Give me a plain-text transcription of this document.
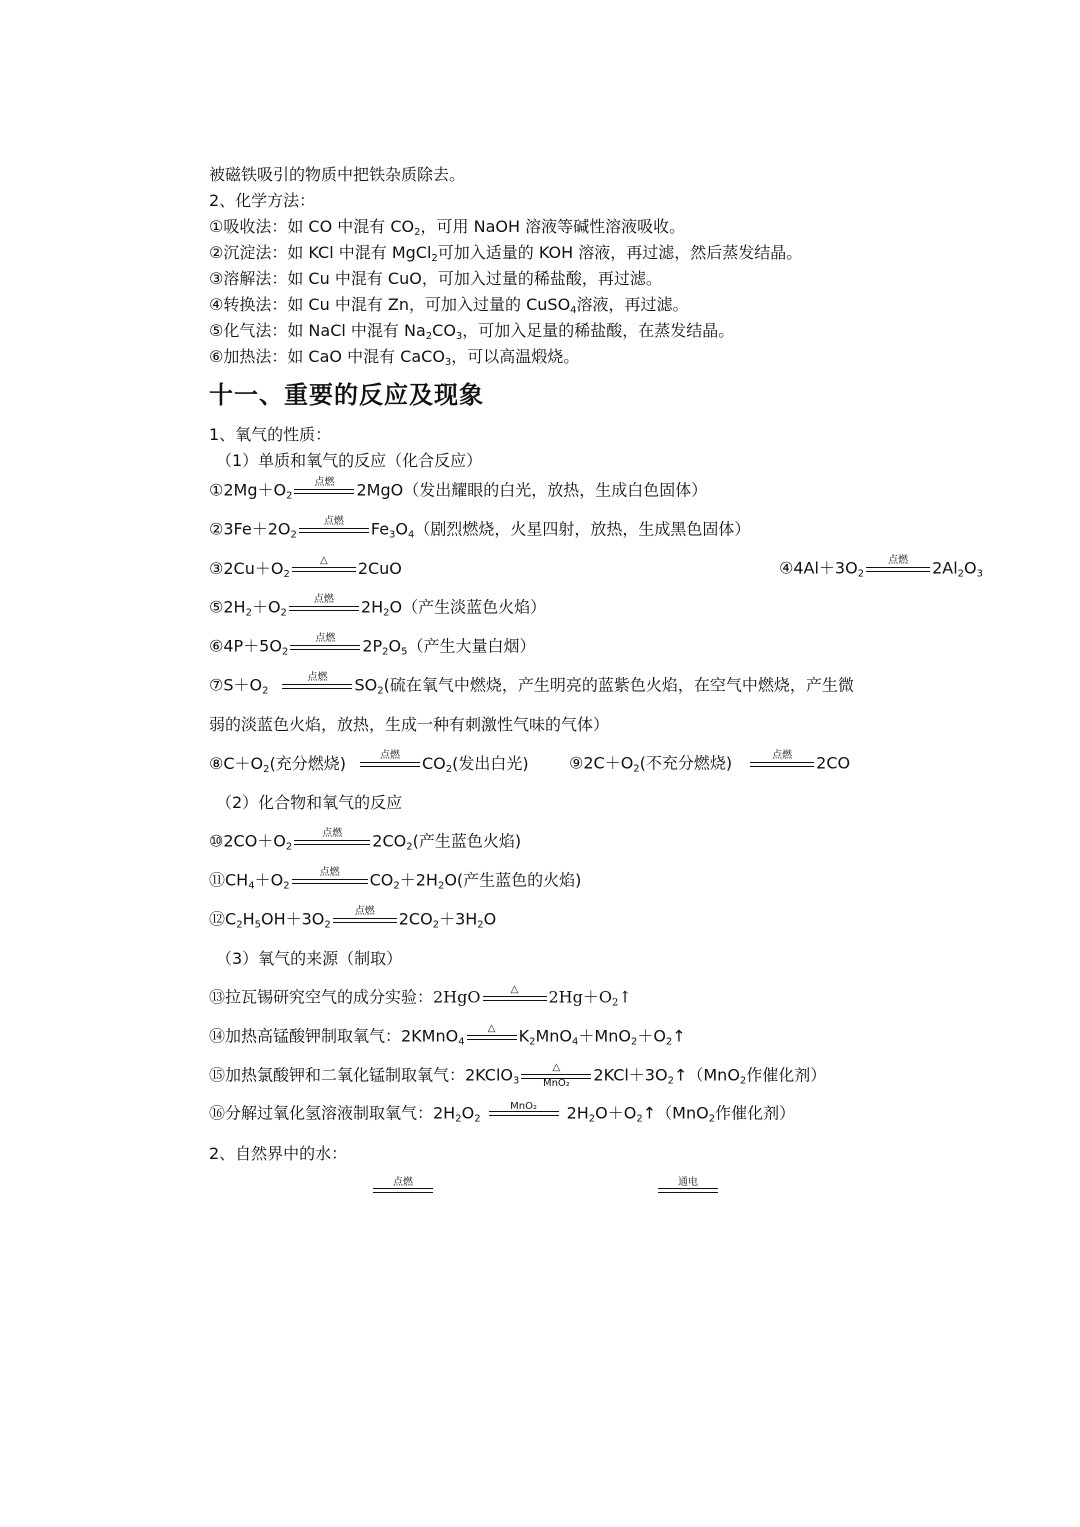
被磁铁吸引的物质中把铁杂质除去。
2、化学方法：
①吸收法：如 CO 中混有 $CO_2$，可用 NaOH 溶液等碱性溶液吸收。
②沉淀法：如 KCl 中混有 MgCl$_2$可加入适量的 KOH 溶液，再过滤，然后蒸发结晶。
③溶解法：如 Cu 中混有 CuO，可加入过量的稀盐酸，再过滤。
④转换法：如 Cu 中混有 Zn，可加入过量的 CuSO$_4$溶液，再过滤。
⑤化气法：如 NaCl 中混有 $Na_2CO_3$，可加入足量的稀盐酸，在蒸发结晶。
⑥加热法：如 CaO 中混有 CaCO$_3$，可以高温煅烧。
十一、重要的反应及现象
1、氧气的性质：
（1）单质和氧气的反应（化合反应）
$①2Mg+O_2$
点燃	2MgO（发出耀眼的白光，放热，生成白色固体）
$②3Fe+2O_2$
点燃	$Fe_3O_4$（剧烈燃烧，火星四射，放热，生成黑色固体）
$③2Cu+O_2$
△	2CuO	$④4Al+3O_2$
点燃	$2Al_2O_3$
$⑤2H_2+O_2$
点燃	$2H_2O$（产生淡蓝色火焰）
$⑥4P+5O_2$
点燃	$2P_2O_5$（产生大量白烟）
$⑦S+O_2$
点燃	$SO_2$(硫在氧气中燃烧，产生明亮的蓝紫色火焰，在空气中燃烧，产生微
弱的淡蓝色火焰，放热，生成一种有刺激性气味的气体）
$⑧C+O_2$(充分燃烧)	点燃	$CO_2$(发出白光)	$⑨2C+O_2$(不充分燃烧)	点燃	2CO
（2）化合物和氧气的反应
$⑩2CO+O_2$
点燃	$2CO_2$(产生蓝色火焰)
$⑪CH_4+O_2$
点燃	$CO_2+2H_2O$(产生蓝色的火焰)
$⑫C_2H_5OH+3O_2$
点燃	$2CO_2+3H_2O$
（3）氧气的来源（制取）
⑬拉瓦锡研究空气的成分实验：2HgO	△	$2Hg+O_2↑$
⑭加热高锰酸钾制取氧气：2KMnO$_4$
△	$K_2MnO_4+MnO_2+O_2↑$
⑮加热氯酸钾和二氧化锰制取氧气：2KClO$_3$
△
MnO₂	$2KCl+3O_2↑(MnO_2$作催化剂）
⑯分解过氧化氢溶液制取氧气：$2H_2O_2$
MnO₂	$2H_2O+O_2↑(MnO_2$作催化剂）
2、自然界中的水：
点燃	通电
